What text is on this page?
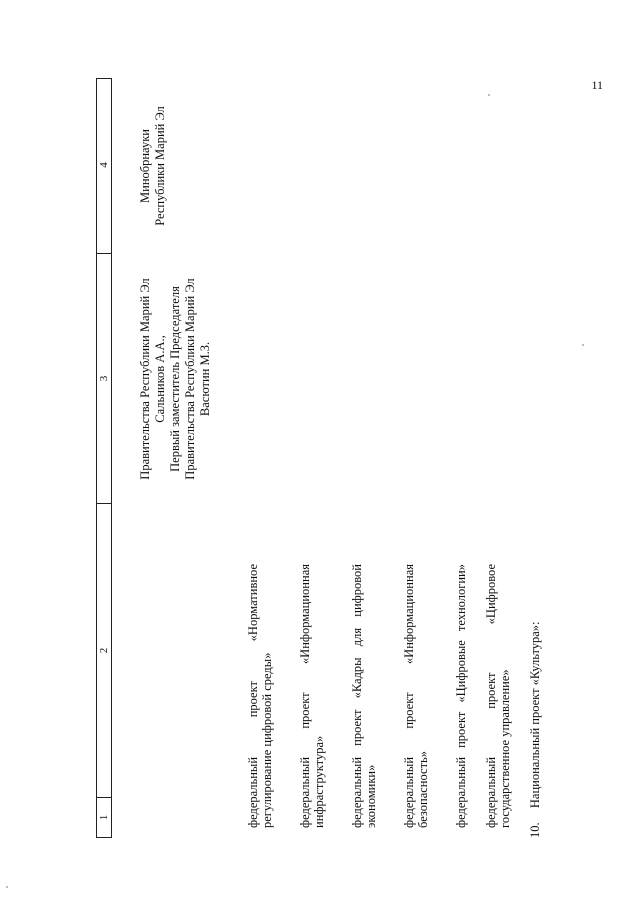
11
1
2
3
4
Правительства Республики Марий Эл Сальников А.А., Первый заместитель Председателя Правительства Республики Марий Эл Васютин М.З.
Минобрнауки Республики Марий Эл
федеральный проект «Нормативное регулирование цифровой среды» федеральный проект «Информационная инфраструктура» федеральный проект «Кадры для цифровой экономики» федеральный проект «Информационная безопасность» федеральный проект «Цифровые технологии» федеральный проект «Цифровое государственное управление»
10.  Национальный проект «Культура»:
